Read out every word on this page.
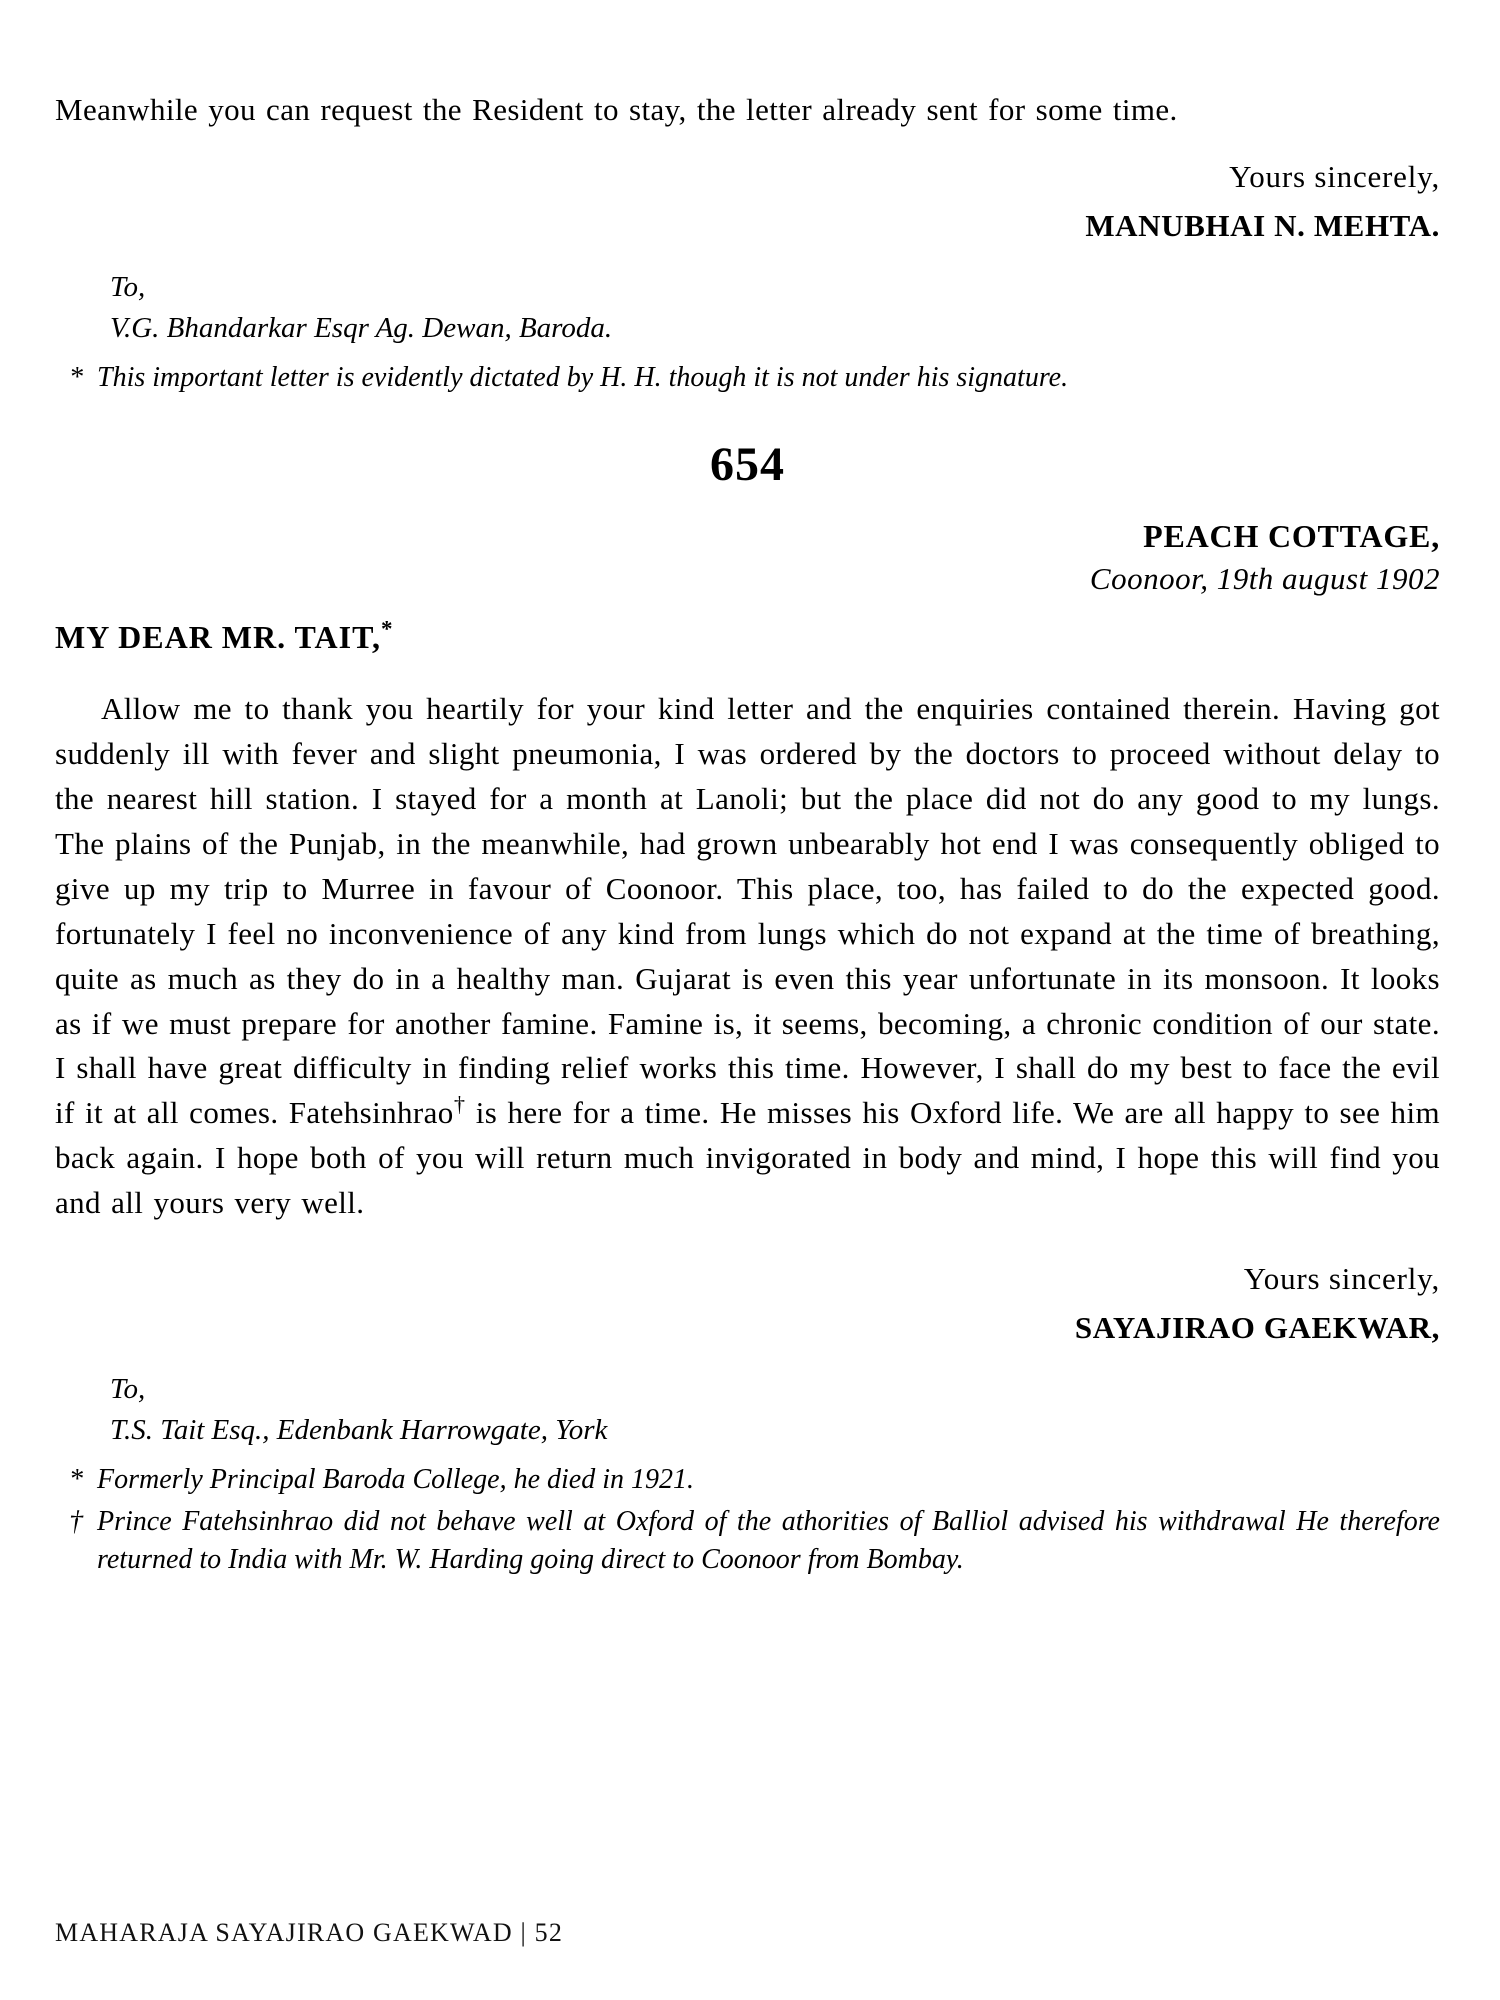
Meanwhile you can request the Resident to stay, the letter already sent for some time.

Yours sincerely,
MANUBHAI N. MEHTA.
To,
V.G. Bhandarkar Esqr Ag. Dewan, Baroda.
* This important letter is evidently dictated by H. H. though it is not under his signature.
654
PEACH COTTAGE,
Coonoor, 19th august 1902
MY DEAR MR. TAIT,*

Allow me to thank you heartily for your kind letter and the enquiries contained therein. Having got suddenly ill with fever and slight pneumonia, I was ordered by the doctors to proceed without delay to the nearest hill station. I stayed for a month at Lanoli; but the place did not do any good to my lungs. The plains of the Punjab, in the meanwhile, had grown unbearably hot end I was consequently obliged to give up my trip to Murree in favour of Coonoor. This place, too, has failed to do the expected good. fortunately I feel no inconvenience of any kind from lungs which do not expand at the time of breathing, quite as much as they do in a healthy man. Gujarat is even this year unfortunate in its monsoon. It looks as if we must prepare for another famine. Famine is, it seems, becoming, a chronic condition of our state. I shall have great difficulty in finding relief works this time. However, I shall do my best to face the evil if it at all comes. Fatehsinhrao† is here for a time. He misses his Oxford life. We are all happy to see him back again. I hope both of you will return much invigorated in body and mind, I hope this will find you and all yours very well.

Yours sincerly,
SAYAJIRAO GAEKWAR,
To,
T.S. Tait Esq., Edenbank Harrowgate, York
* Formerly Principal Baroda College, he died in 1921.
† Prince Fatehsinhrao did not behave well at Oxford of the athorities of Balliol advised his withdrawal He therefore returned to India with Mr. W. Harding going direct to Coonoor from Bombay.
MAHARAJA SAYAJIRAO GAEKWAD | 52
